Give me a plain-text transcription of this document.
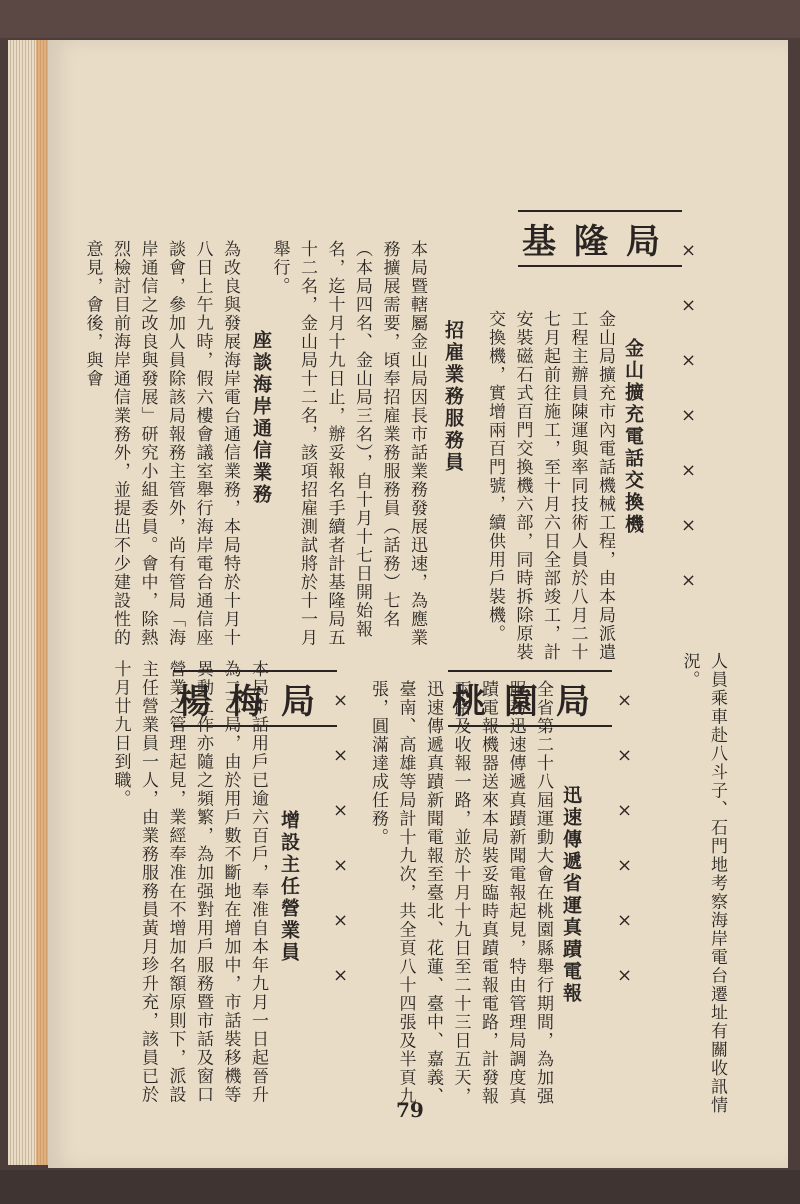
×××××××
金山擴充電話交換機
金山局擴充市內電話機械工程，由本局派遣工程主辦員陳運與率同技術人員於八月二十七月起前往施工，至十月六日全部竣工，計安裝磁石式百門交換機六部，同時拆除原裝交換機，實增兩百門號，續供用戶裝機。
基隆局
招雇業務服務員
本局暨轄屬金山局因長市話業務發展迅速，為應業務擴展需要，頃奉招雇業務服務員（話務）七名（本局四名、金山局三名），自十月十七日開始報名，迄十月十九日止，辦妥報名手續者計基隆局五十二名，金山局十二名，該項招雇測試將於十一月舉行。
座談海岸通信業務
為改良與發展海岸電台通信業務，本局特於十月十八日上午九時，假六樓會議室舉行海岸電台通信座談會，參加人員除該局報務主管外，尚有管局「海岸通信之改良與發展」研究小組委員。會中，除熱烈檢討目前海岸通信業務外，並提出不少建設性的意見，會後，與會
人員乘車赴八斗子、石門地考察海岸電台遷址有關收訊情況。
××××××
迅速傳遞省運真蹟電報
全省第二十八屆運動大會在桃園縣舉行期間，為加强服務迅速傳遞真蹟新聞電報起見，特由管理局調度真蹟電報機器送來本局裝妥臨時真蹟電報電路，計發報兩路及收報一路，並於十月十九日至二十三日五天，迅速傳遞真蹟新聞電報至臺北、花蓮、臺中、嘉義、臺南、高雄等局計十九次，共全頁八十四張及半頁九張，圓滿達成任務。	桃園局
××××××
增設主任營業員
本局市話用戶已逾六百戶，奉准自本年九月一日起晉升為二乙局，由於用戶數不斷地在增加中，市話裝移機等異動工作亦隨之頻繁，為加强對用戶服務暨市話及窗口營業之管理起見，業經奉准在不增加名額原則下，派設主任營業員一人，由業務服務員黃月珍升充，該員已於十月廿九日到職。	楊梅局
79
